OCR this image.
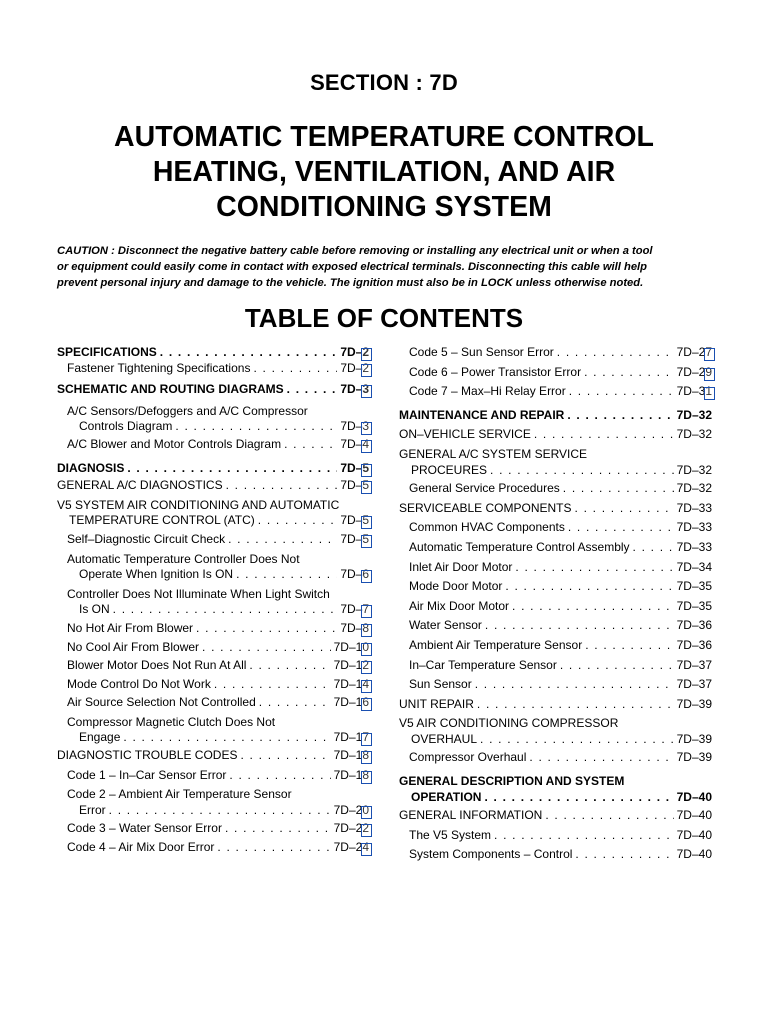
SECTION : 7D
AUTOMATIC TEMPERATURE CONTROL
HEATING, VENTILATION, AND AIR
CONDITIONING SYSTEM
CAUTION : Disconnect the negative battery cable before removing or installing any electrical unit or when a tool
or equipment could easily come in contact with exposed electrical terminals. Disconnecting this cable will help
prevent personal injury and damage to the vehicle. The ignition must also be in LOCK unless otherwise noted.
TABLE OF CONTENTS
SPECIFICATIONS . . .	7D–2
Fastener Tightening Specifications . . .	7D–2
SCHEMATIC AND ROUTING DIAGRAMS . . .	7D–3
A/C Sensors/Defoggers and A/C Compressor
Controls Diagram . . .	7D–3
A/C Blower and Motor Controls Diagram . . .	7D–4
DIAGNOSIS . . .	7D–5
GENERAL A/C DIAGNOSTICS . . .	7D–5
V5 SYSTEM AIR CONDITIONING AND AUTOMATIC
TEMPERATURE CONTROL (ATC) . . .	7D–5
Self–Diagnostic Circuit Check . . .	7D–5
Automatic Temperature Controller Does Not
Operate When Ignition Is ON . . .	7D–6
Controller Does Not Illuminate When Light Switch
Is ON . . .	7D–7
No Hot Air From Blower . . .	7D–8
No Cool Air From Blower . . .	7D–10
Blower Motor Does Not Run At All . . .	7D–12
Mode Control Do Not Work . . .	7D–14
Air Source Selection Not Controlled . . .	7D–16
Compressor Magnetic Clutch Does Not
Engage . . .	7D–17
DIAGNOSTIC TROUBLE CODES . . .	7D–18
Code 1 – In–Car Sensor Error . . .	7D–18
Code 2 – Ambient Air Temperature Sensor
Error . . .	7D–20
Code 3 – Water Sensor Error . . .	7D–22
Code 4 – Air Mix Door Error . . .	7D–24
Code 5 – Sun Sensor Error . . .	7D–27
Code 6 – Power Transistor Error . . .	7D–29
Code 7 – Max–Hi Relay Error . . .	7D–31
MAINTENANCE AND REPAIR . . .	7D–32
ON–VEHICLE SERVICE . . .	7D–32
GENERAL A/C SYSTEM SERVICE
PROCEURES . . .	7D–32
General Service Procedures . . .	7D–32
SERVICEABLE COMPONENTS . . .	7D–33
Common HVAC Components . . .	7D–33
Automatic Temperature Control Assembly . . .	7D–33
Inlet Air Door Motor . . .	7D–34
Mode Door Motor . . .	7D–35
Air Mix Door Motor . . .	7D–35
Water Sensor . . .	7D–36
Ambient Air Temperature Sensor . . .	7D–36
In–Car Temperature Sensor . . .	7D–37
Sun Sensor . . .	7D–37
UNIT REPAIR . . .	7D–39
V5 AIR CONDITIONING COMPRESSOR
OVERHAUL . . .	7D–39
Compressor Overhaul . . .	7D–39
GENERAL DESCRIPTION AND SYSTEM
OPERATION . . .	7D–40
GENERAL INFORMATION . . .	7D–40
The V5 System . . .	7D–40
System Components – Control . . .	7D–40
